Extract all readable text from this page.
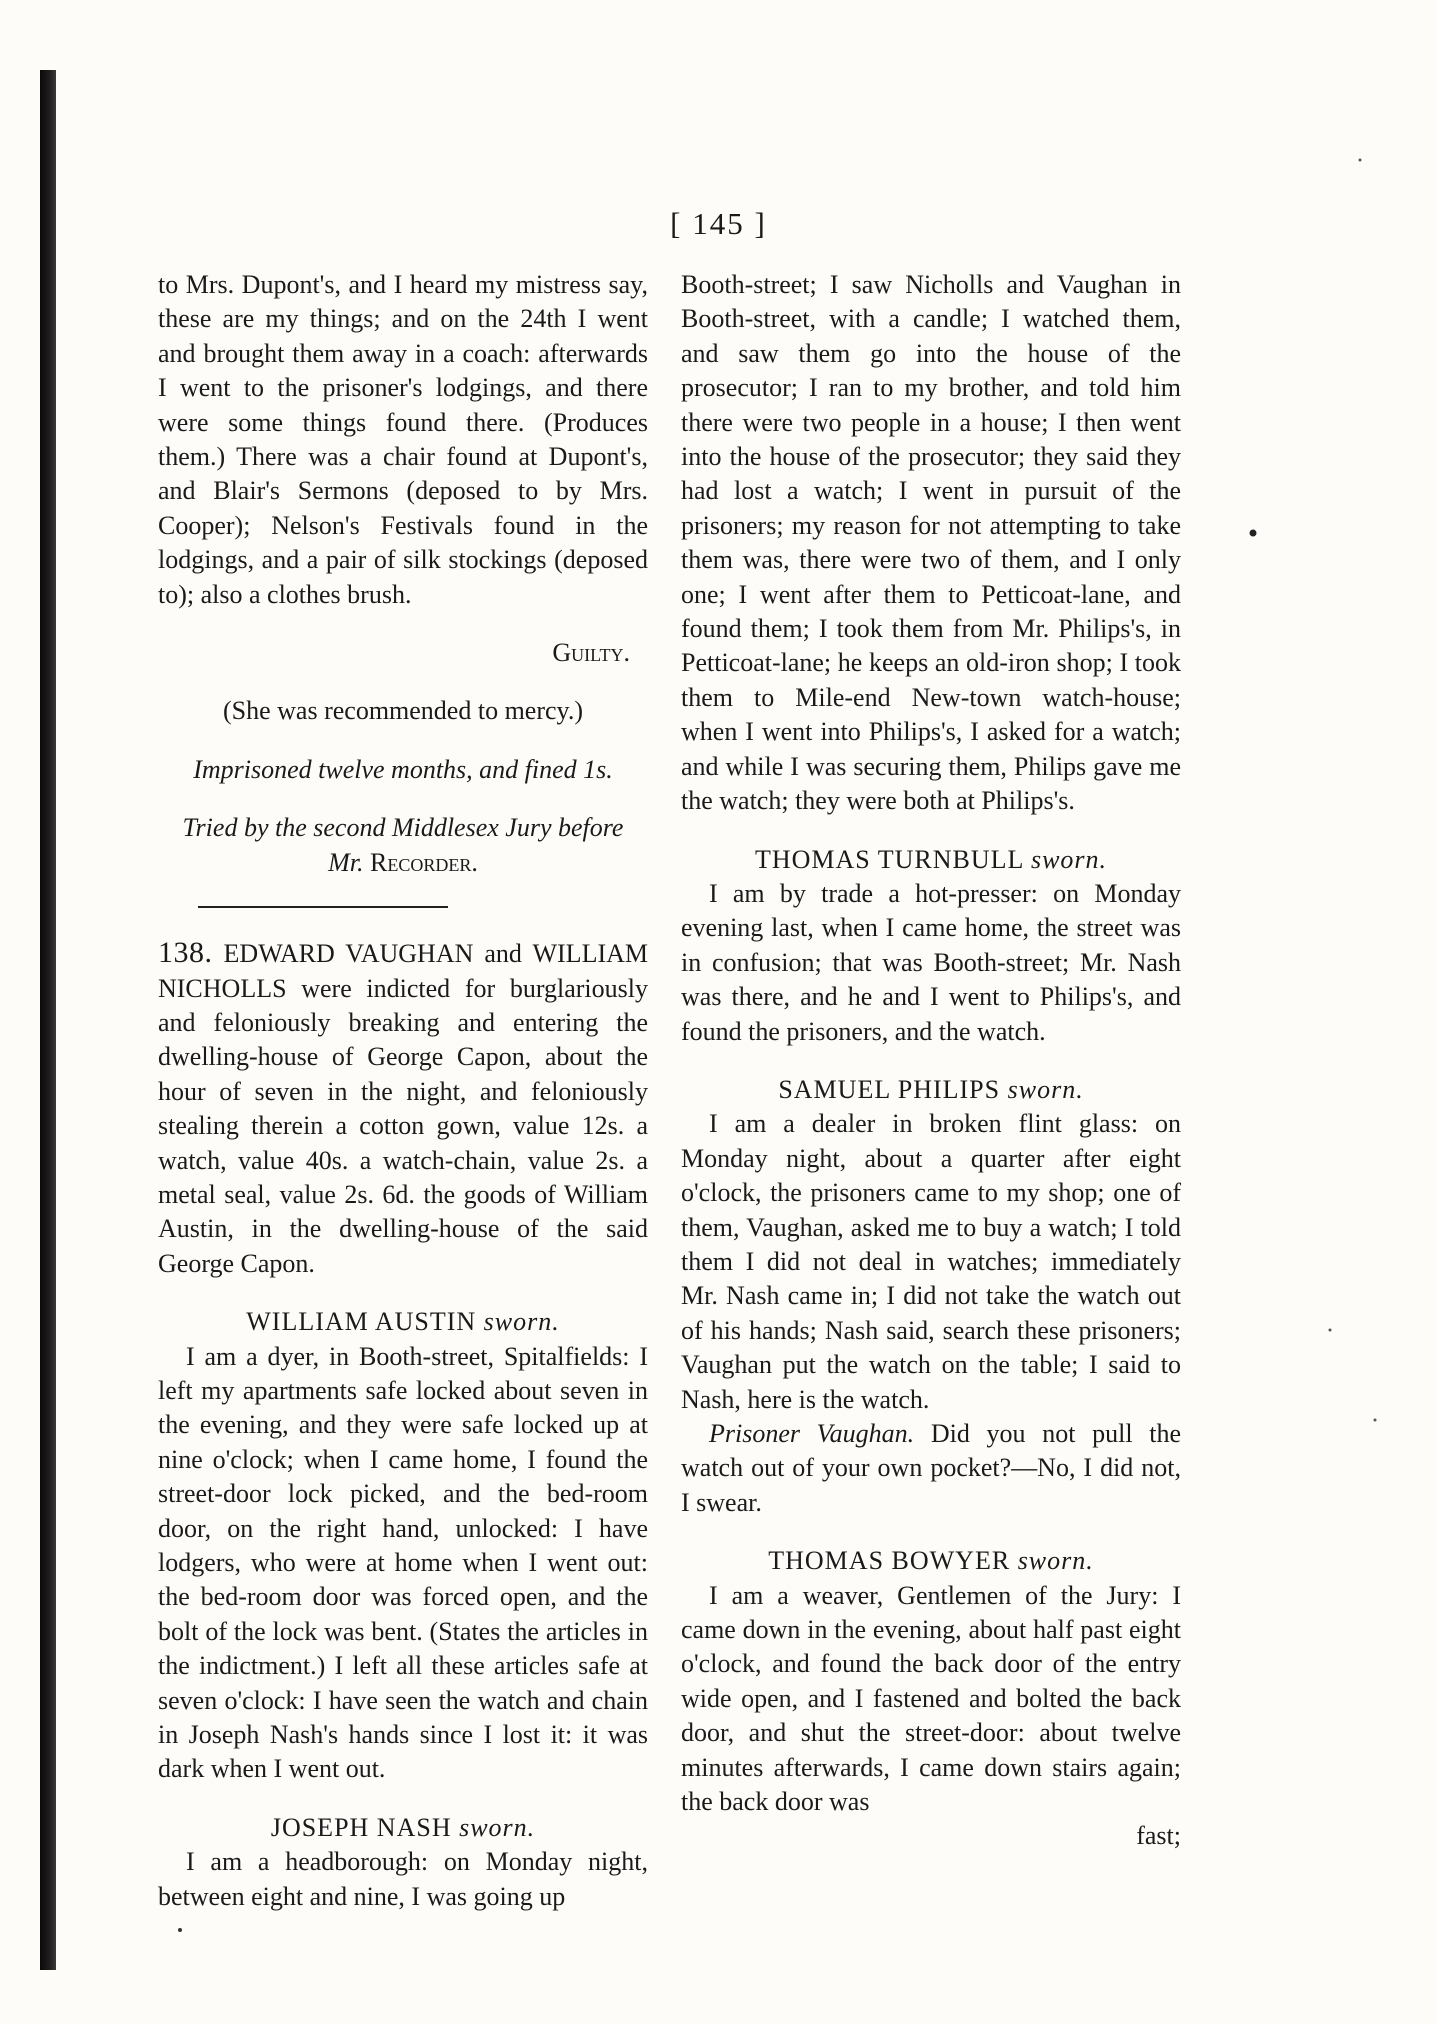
[ 145 ]

to Mrs. Dupont's, and I heard my mistress say, these are my things; and on the 24th I went and brought them away in a coach: afterwards I went to the prisoner's lodgings, and there were some things found there. (Produces them.) There was a chair found at Dupont's, and Blair's Sermons (deposed to by Mrs. Cooper); Nelson's Festivals found in the lodgings, and a pair of silk stockings (deposed to); also a clothes brush.

Guilty.

(She was recommended to mercy.)

Imprisoned twelve months, and fined 1s.

Tried by the second Middlesex Jury before
Mr. Recorder.

138. EDWARD VAUGHAN and WILLIAM NICHOLLS were indicted for burglariously and feloniously breaking and entering the dwelling-house of George Capon, about the hour of seven in the night, and feloniously stealing therein a cotton gown, value 12s. a watch, value 40s. a watch-chain, value 2s. a metal seal, value 2s. 6d. the goods of William Austin, in the dwelling-house of the said George Capon.

WILLIAM AUSTIN sworn.

I am a dyer, in Booth-street, Spitalfields: I left my apartments safe locked about seven in the evening, and they were safe locked up at nine o'clock; when I came home, I found the street-door lock picked, and the bed-room door, on the right hand, unlocked: I have lodgers, who were at home when I went out: the bed-room door was forced open, and the bolt of the lock was bent. (States the articles in the indictment.) I left all these articles safe at seven o'clock: I have seen the watch and chain in Joseph Nash's hands since I lost it: it was dark when I went out.

JOSEPH NASH sworn.

I am a headborough: on Monday night, between eight and nine, I was going up

Booth-street; I saw Nicholls and Vaughan in Booth-street, with a candle; I watched them, and saw them go into the house of the prosecutor; I ran to my brother, and told him there were two people in a house; I then went into the house of the prosecutor; they said they had lost a watch; I went in pursuit of the prisoners; my reason for not attempting to take them was, there were two of them, and I only one; I went after them to Petticoat-lane, and found them; I took them from Mr. Philips's, in Petticoat-lane; he keeps an old-iron shop; I took them to Mile-end New-town watch-house; when I went into Philips's, I asked for a watch; and while I was securing them, Philips gave me the watch; they were both at Philips's.

THOMAS TURNBULL sworn.

I am by trade a hot-presser: on Monday evening last, when I came home, the street was in confusion; that was Booth-street; Mr. Nash was there, and he and I went to Philips's, and found the prisoners, and the watch.

SAMUEL PHILIPS sworn.

I am a dealer in broken flint glass: on Monday night, about a quarter after eight o'clock, the prisoners came to my shop; one of them, Vaughan, asked me to buy a watch; I told them I did not deal in watches; immediately Mr. Nash came in; I did not take the watch out of his hands; Nash said, search these prisoners; Vaughan put the watch on the table; I said to Nash, here is the watch.

Prisoner Vaughan. Did you not pull the watch out of your own pocket?—No, I did not, I swear.

THOMAS BOWYER sworn.

I am a weaver, Gentlemen of the Jury: I came down in the evening, about half past eight o'clock, and found the back door of the entry wide open, and I fastened and bolted the back door, and shut the street-door: about twelve minutes afterwards, I came down stairs again; the back door was

fast;
